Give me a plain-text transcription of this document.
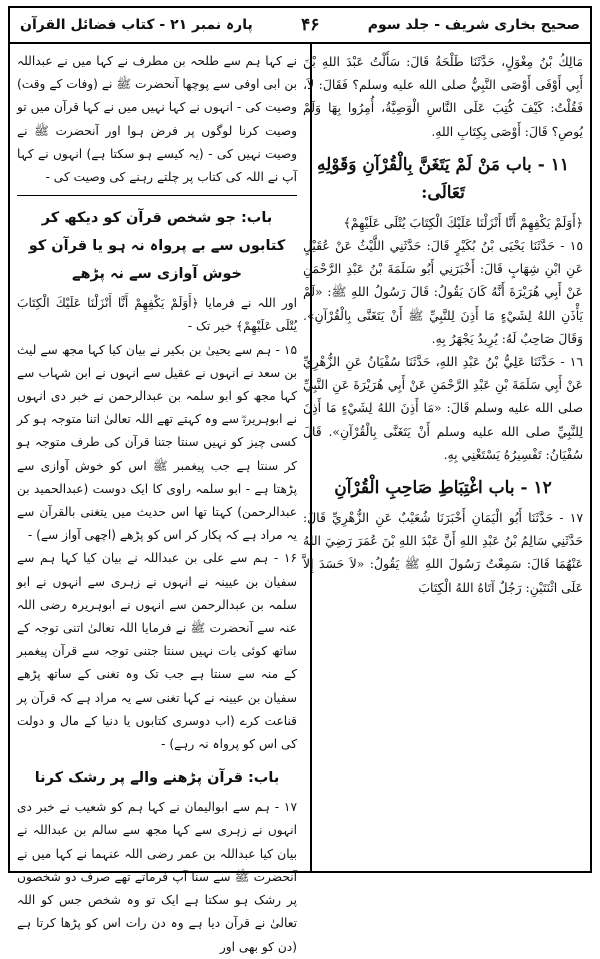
صحیح بخاری شریف - جلد سوم
۴۶
پارہ نمبر ۲۱ - کتاب فضائل القرآن

مَالِكُ بْنُ مِغْوَلٍ، حَدَّثَنَا طَلْحَةُ قَالَ: سَأَلْتُ عَبْدَ اللهِ بْنَ أَبِي أَوْفَى أَوْصَى النَّبِيُّ صلى الله عليه وسلم؟ فَقَالَ: لاَ، فَقُلْتُ: كَيْفَ كُتِبَ عَلَى النَّاسِ الْوَصِيَّةُ، أُمِرُوا بِهَا وَلَمْ يُوصِ؟ قَالَ: أَوْصَى بِكِتَابِ اللهِ.

١١ - باب مَنْ لَمْ يَتَغَنَّ بِالْقُرْآنِ وَقَوْلِهِ تَعَالَى:

﴿أَوَلَمْ يَكْفِهِمْ أَنَّا أَنْزَلْنَا عَلَيْكَ الْكِتَابَ يُتْلَى عَلَيْهِمْ﴾

١٥ - حَدَّثَنَا يَحْيَى بْنُ بُكَيْرٍ قَالَ: حَدَّثَنِي اللَّيْثُ عَنْ عُقَيْلٍ عَنِ ابْنِ شِهَابٍ قَالَ: أَخْبَرَنِي أَبُو سَلَمَةَ بْنُ عَبْدِ الرَّحْمَنِ عَنْ أَبِي هُرَيْرَةَ أَنَّهُ كَانَ يَقُولُ: قَالَ رَسُولُ اللهِ ﷺ: «لَمْ يَأْذَنِ اللهُ لِشَيْءٍ مَا أَذِنَ لِلنَّبِيِّ ﷺ أَنْ يَتَغَنَّى بِالْقُرْآنِ». وَقَالَ صَاحِبٌ لَهُ: يُرِيدُ يَجْهَرُ بِهِ.

١٦ - حَدَّثَنَا عَلِيُّ بْنُ عَبْدِ اللهِ، حَدَّثَنَا سُفْيَانُ عَنِ الزُّهْرِيِّ عَنْ أَبِي سَلَمَةَ بْنِ عَبْدِ الرَّحْمَنِ عَنْ أَبِي هُرَيْرَةَ عَنِ النَّبِيِّ صلى الله عليه وسلم قَالَ: «مَا أَذِنَ اللهُ لِشَيْءٍ مَا أَذِنَ لِلنَّبِيِّ صلى الله عليه وسلم أَنْ يَتَغَنَّى بِالْقُرْآنِ». قَالَ سُفْيَانُ: تَفْسِيرُهُ يَسْتَغْنِي بِهِ.

١٢ - باب اغْتِبَاطِ صَاحِبِ الْقُرْآنِ

١٧ - حَدَّثَنَا أَبُو الْيَمَانِ أَخْبَرَنَا شُعَيْبٌ عَنِ الزُّهْرِيِّ قَالَ: حَدَّثَنِي سَالِمُ بْنُ عَبْدِ اللهِ أَنَّ عَبْدَ اللهِ بْنَ عُمَرَ رَضِيَ اللهُ عَنْهُمَا قَالَ: سَمِعْتُ رَسُولَ اللهِ ﷺ يَقُولُ: «لاَ حَسَدَ إِلاَّ عَلَى اثْنَتَيْنِ: رَجُلٌ آتَاهُ اللهُ الْكِتَابَ

نے کہا ہم سے طلحہ بن مطرف نے کہا میں نے عبداللہ بن ابی اوفی سے پوچھا آنحضرت ﷺ نے (وفات کے وقت) وصیت کی - انہوں نے کہا نہیں میں نے کہا قرآن میں تو وصیت کرنا لوگوں پر فرض ہوا اور آنحضرت ﷺ نے وصیت نہیں کی - (یہ کیسے ہو سکتا ہے) انہوں نے کہا آپ نے اللہ کی کتاب پر چلتے رہنے کی وصیت کی -

باب: جو شخص قرآن کو دیکھ کر کتابوں سے بے پرواہ نہ ہو یا قرآن کو خوش آوازی سے نہ پڑھے

اور اللہ نے فرمایا ﴿أَوَلَمْ يَكْفِهِمْ أَنَّا أَنْزَلْنَا عَلَيْكَ الْكِتَابَ يُتْلَى عَلَيْهِمْ﴾ خیر تک -

۱۵ - ہم سے یحییٰ بن بکیر نے بیان کیا کہا مجھ سے لیث بن سعد نے انہوں نے عقیل سے انہوں نے ابن شہاب سے کہا مجھ کو ابو سلمہ بن عبدالرحمن نے خبر دی انہوں نے ابوہریرہؓ سے وہ کہتے تھے اللہ تعالیٰ اتنا متوجہ ہو کر کسی چیز کو نہیں سنتا جتنا قرآن کی طرف متوجہ ہو کر سنتا ہے جب پیغمبر ﷺ اس کو خوش آوازی سے پڑھتا ہے - ابو سلمہ راوی کا ایک دوست (عبدالحمید بن عبدالرحمن) کہتا تھا اس حدیث میں یتغنی بالقرآن سے یہ مراد ہے کہ پکار کر اس کو پڑھے (اچھی آواز سے) -

۱۶ - ہم سے علی بن عبداللہ نے بیان کیا کہا ہم سے سفیان بن عیینہ نے انہوں نے زہری سے انہوں نے ابو سلمہ بن عبدالرحمن سے انہوں نے ابوہریرہ رضی اللہ عنہ سے آنحضرت ﷺ نے فرمایا اللہ تعالیٰ اتنی توجہ کے ساتھ کوئی بات نہیں سنتا جتنی توجہ سے قرآن پیغمبر کے منہ سے سنتا ہے جب تک وہ تغنی کے ساتھ پڑھے سفیان بن عیینہ نے کہا تغنی سے یہ مراد ہے کہ قرآن پر قناعت کرے (اب دوسری کتابوں یا دنیا کے مال و دولت کی اس کو پرواہ نہ رہے) -

باب: قرآن پڑھنے والے پر رشک کرنا

۱۷ - ہم سے ابوالیمان نے کہا ہم کو شعیب نے خبر دی انہوں نے زہری سے کہا مجھ سے سالم بن عبداللہ نے بیان کیا عبداللہ بن عمر رضی اللہ عنہما نے کہا میں نے آنحضرت ﷺ سے سنا آپ فرماتے تھے صرف دو شخصوں پر رشک ہو سکتا ہے ایک تو وہ شخص جس کو اللہ تعالیٰ نے قرآن دیا ہے وہ دن رات اس کو پڑھا کرتا ہے (دن کو بھی اور
